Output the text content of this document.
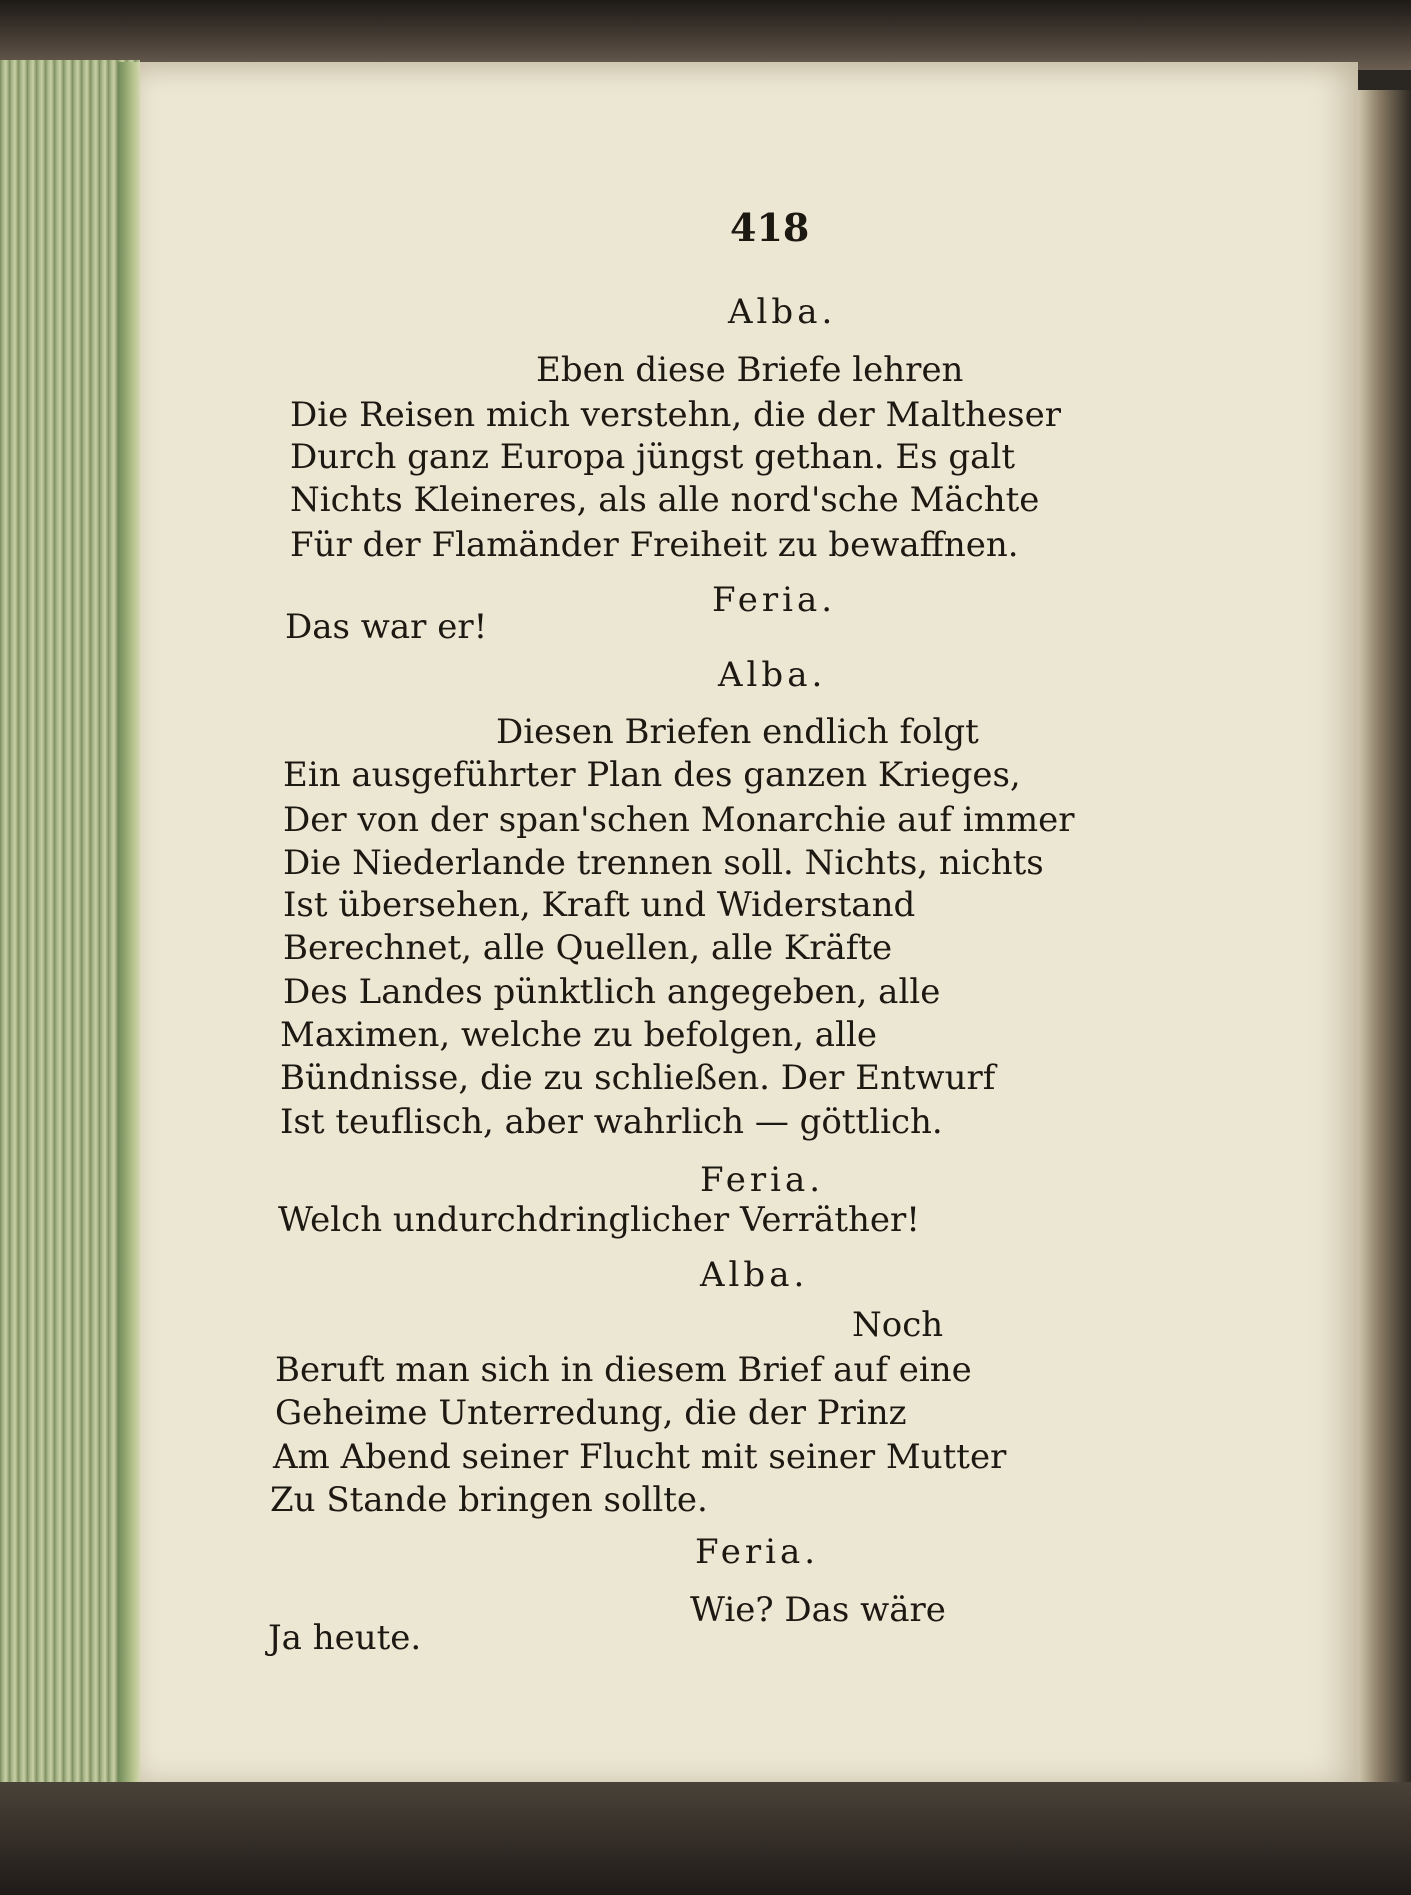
418
Alba.
Eben diese Briefe lehren
Die Reisen mich verstehn, die der Maltheser
Durch ganz Europa jüngst gethan. Es galt
Nichts Kleineres, als alle nord'sche Mächte
Für der Flamänder Freiheit zu bewaffnen.
Feria.
Das war er!
Alba.
Diesen Briefen endlich folgt
Ein ausgeführter Plan des ganzen Krieges,
Der von der span'schen Monarchie auf immer
Die Niederlande trennen soll. Nichts, nichts
Ist übersehen, Kraft und Widerstand
Berechnet, alle Quellen, alle Kräfte
Des Landes pünktlich angegeben, alle
Maximen, welche zu befolgen, alle
Bündnisse, die zu schließen. Der Entwurf
Ist teuflisch, aber wahrlich — göttlich.
Feria.
Welch undurchdringlicher Verräther!
Alba.
Noch
Beruft man sich in diesem Brief auf eine
Geheime Unterredung, die der Prinz
Am Abend seiner Flucht mit seiner Mutter
Zu Stande bringen sollte.
Feria.
Wie? Das wäre
Ja heute.
